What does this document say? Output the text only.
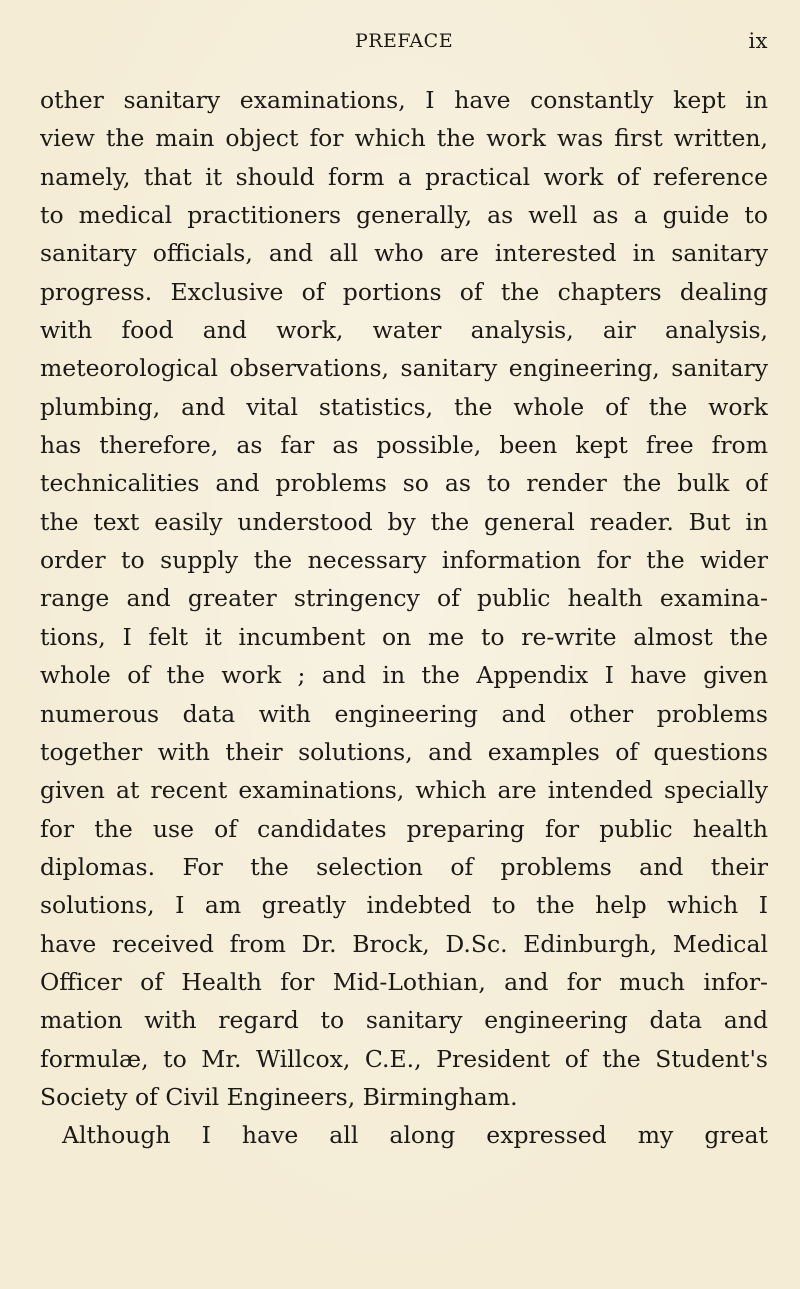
PREFACE	ix
other sanitary examinations, I have constantly kept in
view the main object for which the work was first written,
namely, that it should form a practical work of reference
to medical practitioners generally, as well as a guide to
sanitary officials, and all who are interested in sanitary
progress. Exclusive of portions of the chapters dealing
with food and work, water analysis, air analysis,
meteorological observations, sanitary engineering, sanitary
plumbing, and vital statistics, the whole of the work
has therefore, as far as possible, been kept free from
technicalities and problems so as to render the bulk of
the text easily understood by the general reader. But in
order to supply the necessary information for the wider
range and greater stringency of public health examina-
tions, I felt it incumbent on me to re-write almost the
whole of the work ; and in the Appendix I have given
numerous data with engineering and other problems
together with their solutions, and examples of questions
given at recent examinations, which are intended specially
for the use of candidates preparing for public health
diplomas. For the selection of problems and their
solutions, I am greatly indebted to the help which I
have received from Dr. Brock, D.Sc. Edinburgh, Medical
Officer of Health for Mid-Lothian, and for much infor-
mation with regard to sanitary engineering data and
formulæ, to Mr. Willcox, C.E., President of the Student's
Society of Civil Engineers, Birmingham.
Although I have all along expressed my great
